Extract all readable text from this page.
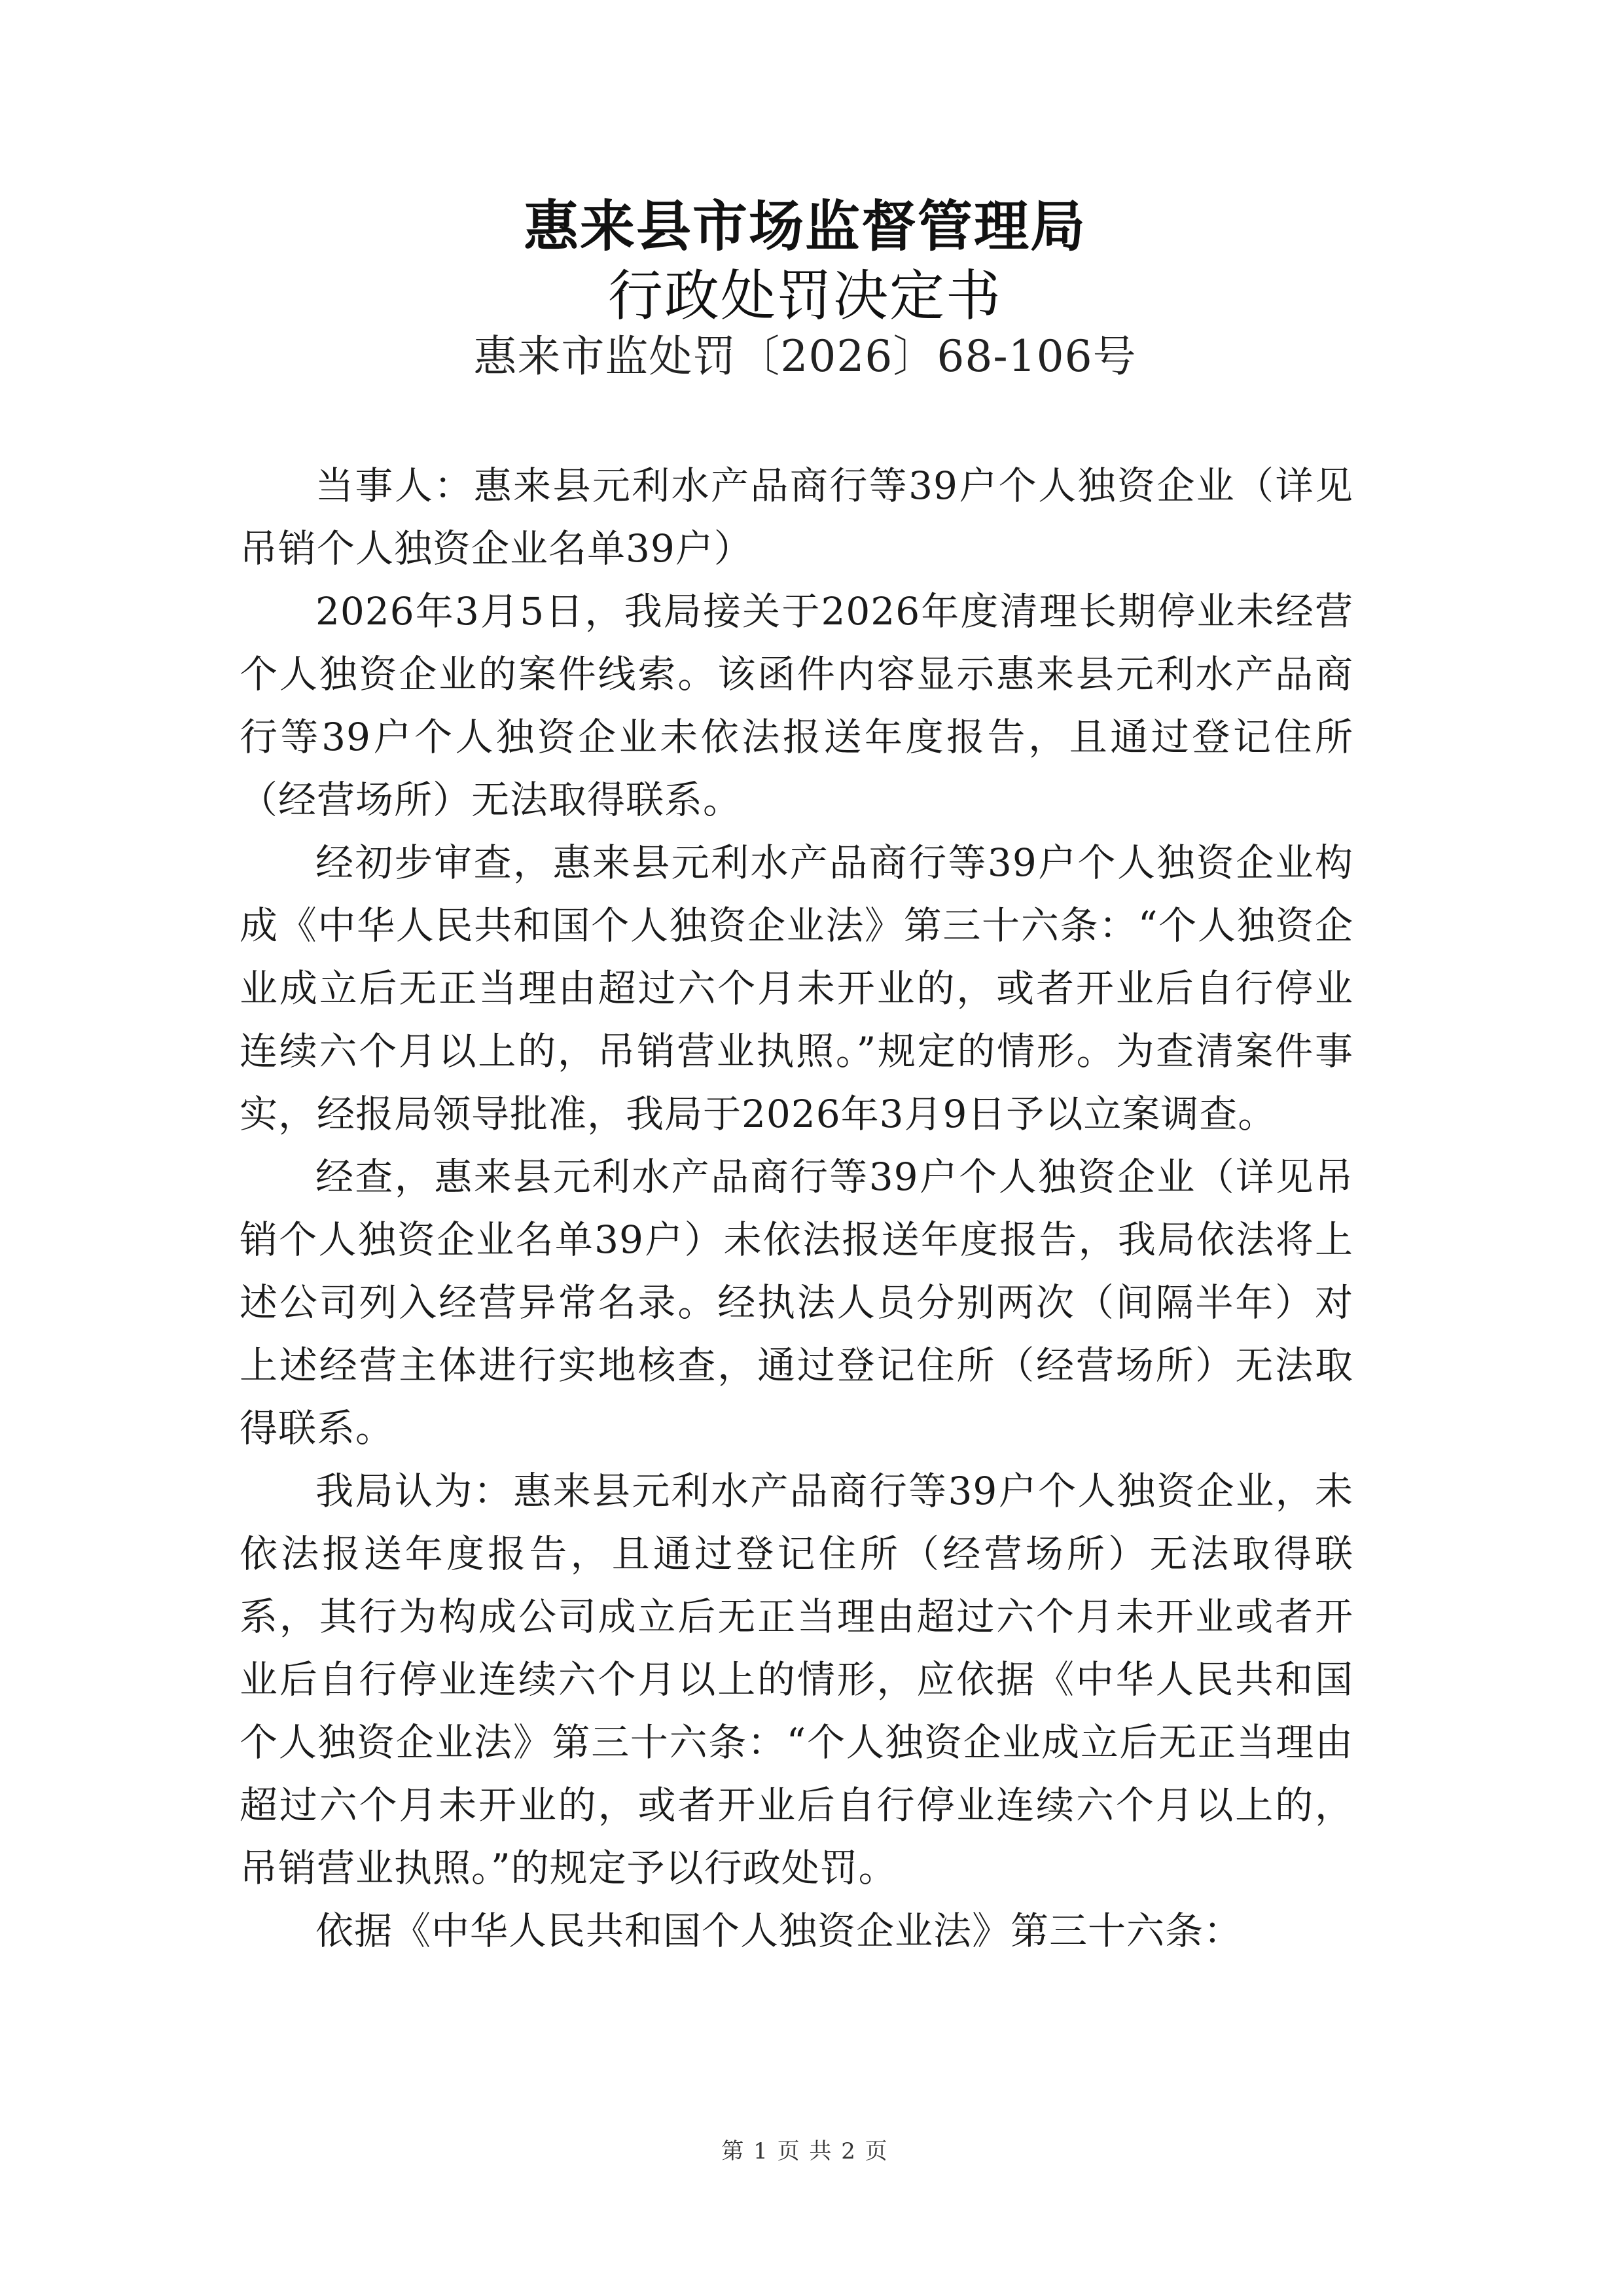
惠来县市场监督管理局
行政处罚决定书
惠来市监处罚〔2026〕68-106号

当事人：惠来县元利水产品商行等39户个人独资企业（详见吊销个人独资企业名单39户）

2026年3月5日，我局接关于2026年度清理长期停业未经营个人独资企业的案件线索。该函件内容显示惠来县元利水产品商行等39户个人独资企业未依法报送年度报告，且通过登记住所（经营场所）无法取得联系。

经初步审查，惠来县元利水产品商行等39户个人独资企业构成《中华人民共和国个人独资企业法》第三十六条：“个人独资企业成立后无正当理由超过六个月未开业的，或者开业后自行停业连续六个月以上的，吊销营业执照。”规定的情形。为查清案件事实，经报局领导批准，我局于2026年3月9日予以立案调查。

经查，惠来县元利水产品商行等39户个人独资企业（详见吊销个人独资企业名单39户）未依法报送年度报告，我局依法将上述公司列入经营异常名录。经执法人员分别两次（间隔半年）对上述经营主体进行实地核查，通过登记住所（经营场所）无法取得联系。

我局认为：惠来县元利水产品商行等39户个人独资企业，未依法报送年度报告，且通过登记住所（经营场所）无法取得联系，其行为构成公司成立后无正当理由超过六个月未开业或者开业后自行停业连续六个月以上的情形，应依据《中华人民共和国个人独资企业法》第三十六条：“个人独资企业成立后无正当理由超过六个月未开业的，或者开业后自行停业连续六个月以上的，吊销营业执照。”的规定予以行政处罚。

依据《中华人民共和国个人独资企业法》第三十六条：

第 1 页 共 2 页
